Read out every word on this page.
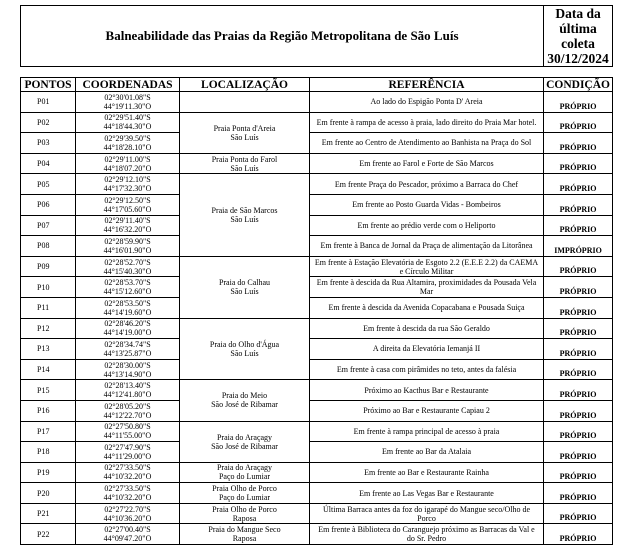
Balneabilidade das Praias da Região Metropolitana de São Luís				Data da
última coleta
30/12/2024

PONTOS	COORDENADAS	LOCALIZAÇÃO	REFERÊNCIA	CONDIÇÃO
P01	02°30'01.08"S
44°19'11.30"O		Ao lado do Espigão Ponta D' Areia	PRÓPRIO
P02	02°29'51.40"S
44°18'44.30"O	Praia Ponta d'Areia
São Luís	Em frente à rampa de acesso à praia, lado direito do Praia Mar hotel.	PRÓPRIO
P03	02°29'39.50"S
44°18'28.10"O		Em frente ao Centro de Atendimento ao Banhista na Praça do Sol	PRÓPRIO
P04	02°29'11.00"S
44°18'07.20"O	Praia Ponta do Farol
São Luís	Em frente ao Farol e Forte de São Marcos	PRÓPRIO
P05	02°29'12.10"S
44°17'32.30"O	Praia de São Marcos
São Luís	Em frente Praça do Pescador, próximo a Barraca do Chef	PRÓPRIO
P06	02°29'12.50"S
44°17'05.60"O		Em frente ao Posto Guarda Vidas - Bombeiros	PRÓPRIO
P07	02°29'11.40"S
44°16'32.20"O		Em frente ao prédio verde com o Heliporto	PRÓPRIO
P08	02°28'59.90"S
44°16'01.90"O		Em frente à Banca de Jornal da Praça de alimentação da Litorânea	IMPRÓPRIO
P09	02°28'52.70"S
44°15'40.30"O	Praia do Calhau
São Luís	Em frente à Estação Elevatória de Esgoto 2.2 (E.E.E 2.2) da CAEMA e Círculo Militar	PRÓPRIO
P10	02°28'53.70"S
44°15'12.60"O		Em frente à descida da Rua Altamira, proximidades da Pousada Vela Mar	PRÓPRIO
P11	02°28'53.50"S
44°14'19.60"O		Em frente à descida da Avenida Copacabana e Pousada Suiça	PRÓPRIO
P12	02°28'46.20"S
44°14'19.00"O	Praia do Olho d'Água
São Luís	Em frente à descida da rua São Geraldo	PRÓPRIO
P13	02°28'34.74"S
44°13'25.87"O		A direita da Elevatória Iemanjá II	PRÓPRIO
P14	02°28'30.00"S
44°13'14.90"O		Em frente à casa com pirâmides no teto, antes da falésia	PRÓPRIO
P15	02°28'13.40"S
44°12'41.80"O	Praia do Meio
São José de Ribamar	Próximo ao Kacthus Bar e Restaurante	PRÓPRIO
P16	02°28'05.20"S
44°12'22.70"O		Próximo ao Bar e Restaurante Capiau 2	PRÓPRIO
P17	02°27'50.80"S
44°11'55.00"O	Praia do Araçagy
São José de Ribamar	Em frente à rampa principal de acesso à praia	PRÓPRIO
P18	02°27'47.90"S
44°11'29.00"O		Em frente ao Bar da Atalaia	PRÓPRIO
P19	02°27'33.50"S
44°10'32.20"O	Praia do Araçagy
Paço do Lumiar	Em frente ao Bar e Restaurante Rainha	PRÓPRIO
P20	02°27'33.50"S
44°10'32.20"O	Praia Olho de Porco
Paço do Lumiar	Em frente ao Las Vegas Bar e Restaurante	PRÓPRIO
P21	02°27'22.70"S
44°10'36.20"O	Praia Olho de Porco
Raposa	Última Barraca antes da foz do igarapé do Mangue seco/Olho de Porco	PRÓPRIO
P22	02°27'00.40"S
44°09'47.20"O	Praia do Mangue Seco
Raposa	Em frente à Biblioteca do Caranguejo próximo as Barracas da Val e do Sr. Pedro	PRÓPRIO
